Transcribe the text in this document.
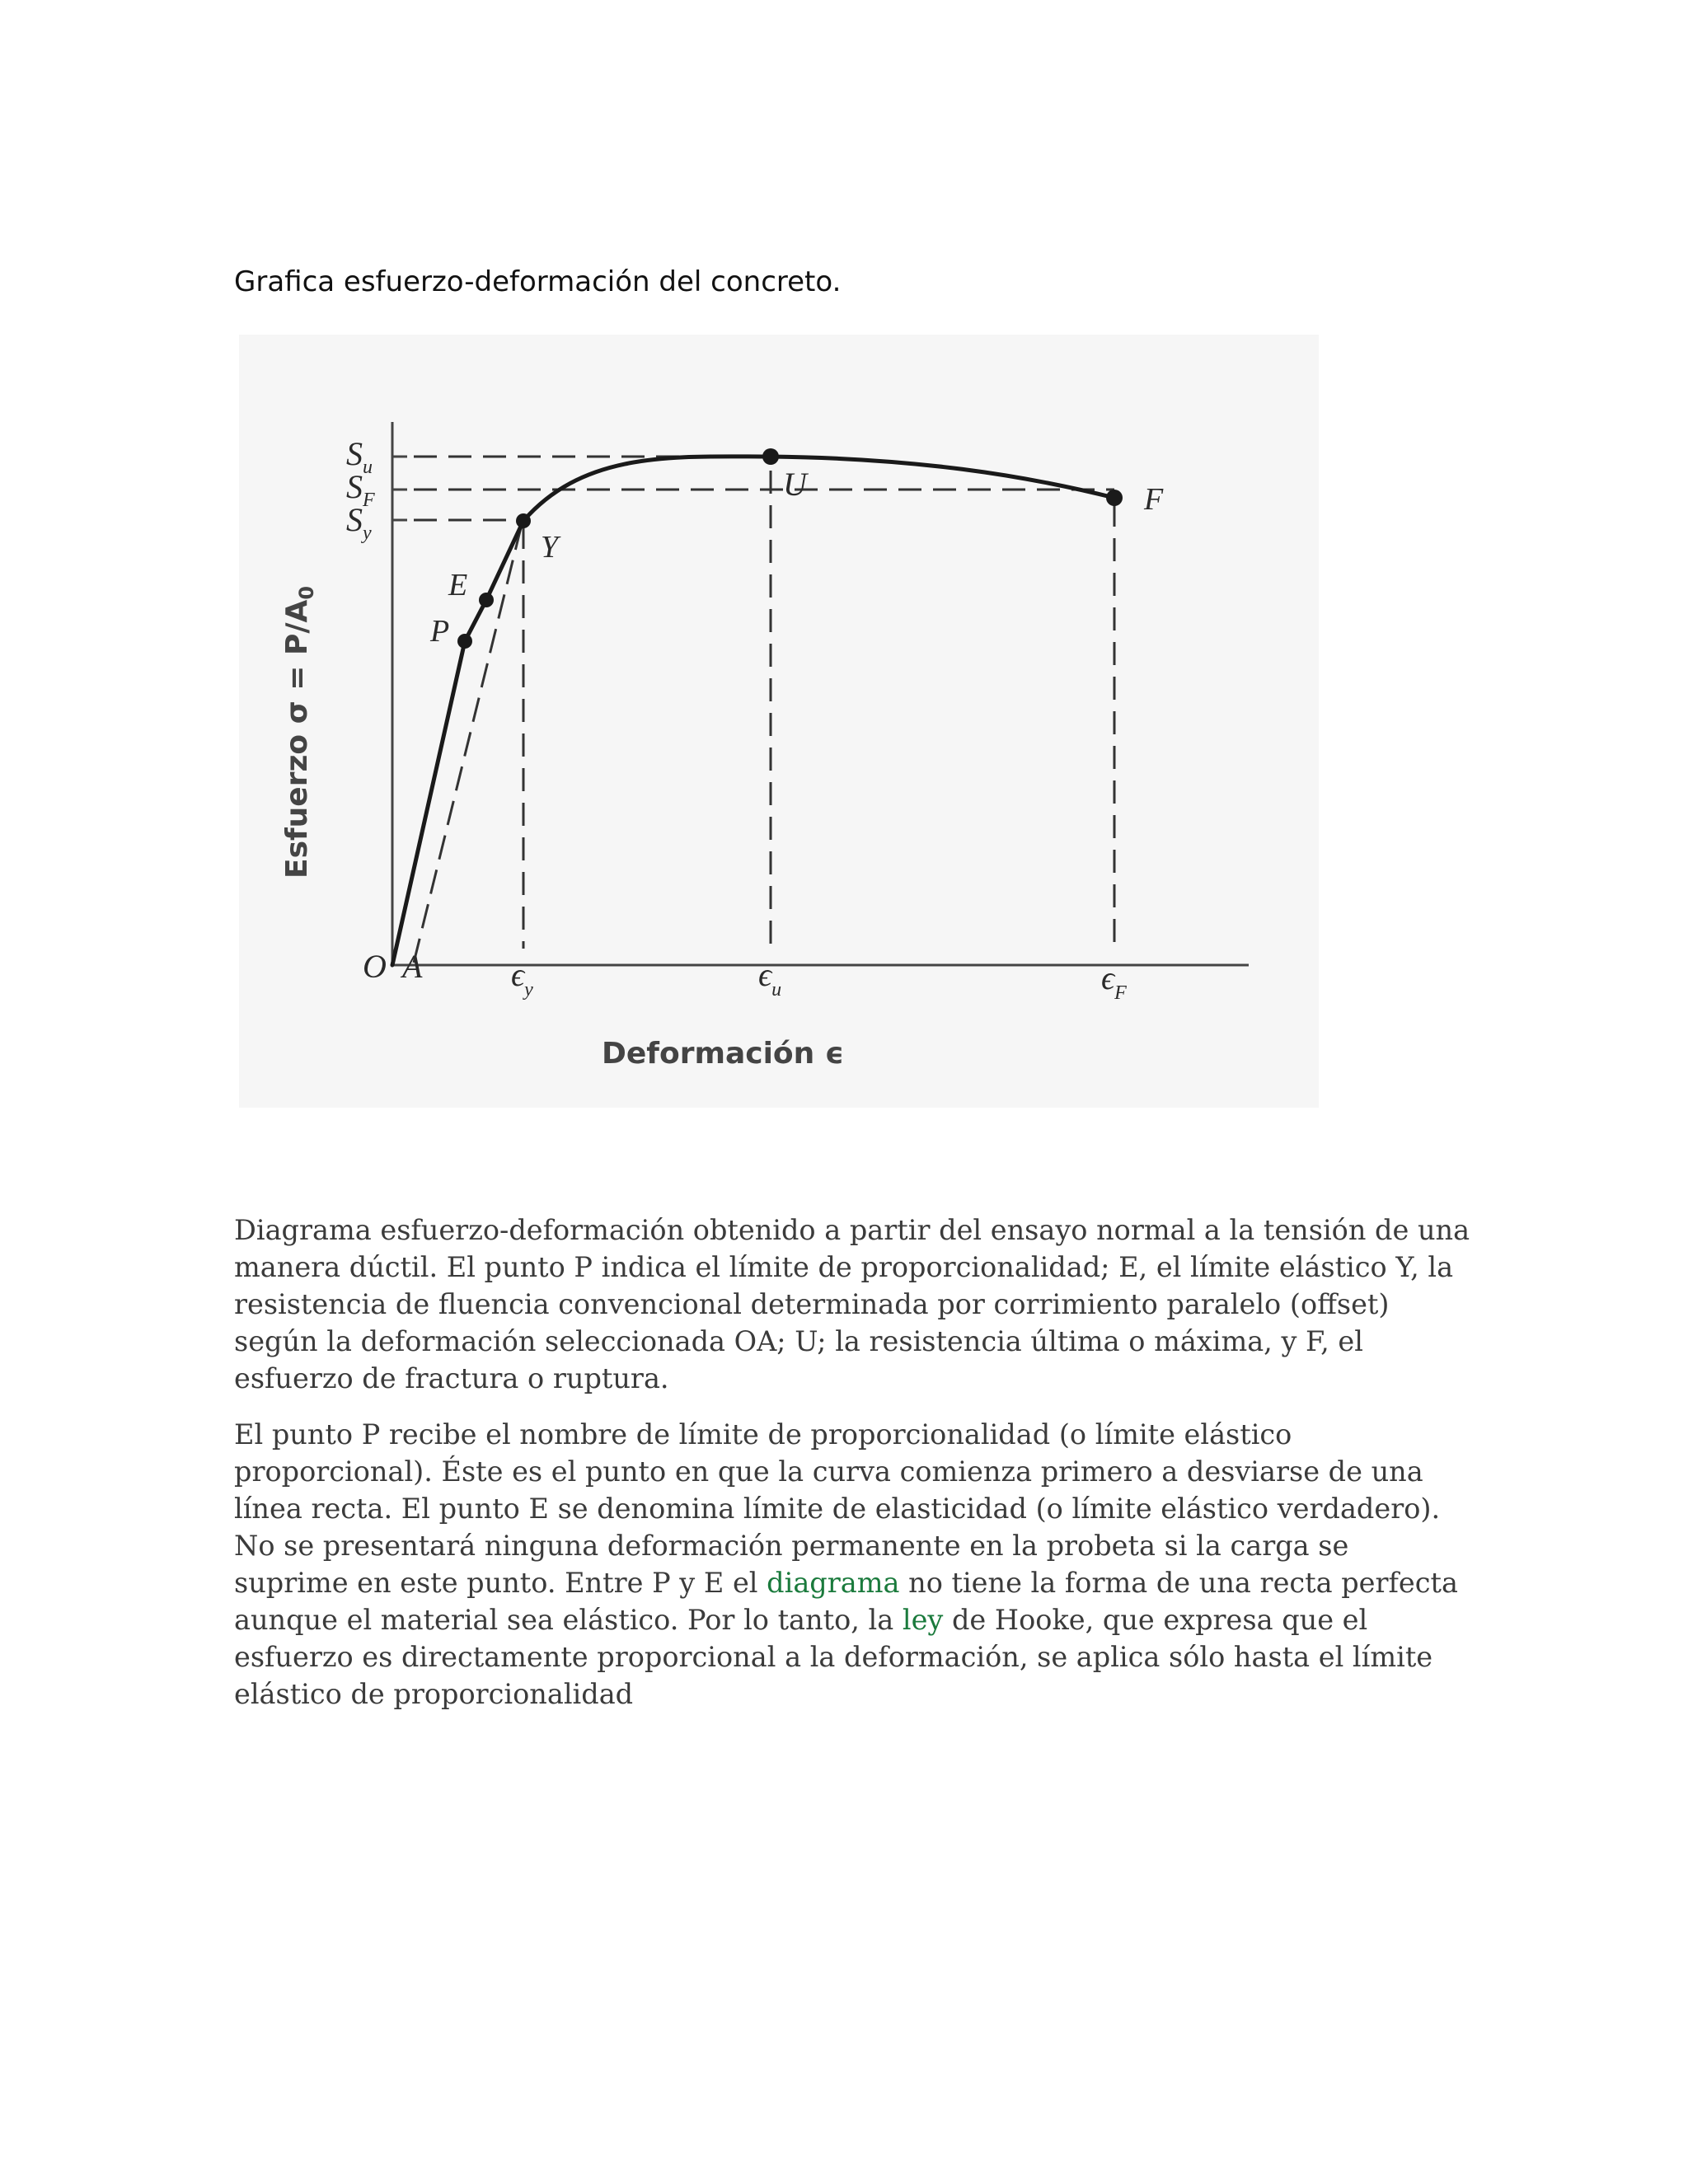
Grafica esfuerzo-deformación del concreto.
P
E
Y
U	F
$S_u$
$S_F$
$S_y$
O A	$\epsilon_y$	$\epsilon_u$	$\epsilon_F$
Deformación ϵ
Esfuerzo $\sigma = P/A_0$

Diagrama esfuerzo-deformación obtenido a partir del ensayo normal a la tensión de una manera dúctil. El punto P indica el límite de proporcionalidad; E, el límite elástico Y, la resistencia de fluencia convencional determinada por corrimiento paralelo (offset) según la deformación seleccionada OA; U; la resistencia última o máxima, y F, el esfuerzo de fractura o ruptura.

El punto P recibe el nombre de límite de proporcionalidad (o límite elástico proporcional). Éste es el punto en que la curva comienza primero a desviarse de una línea recta. El punto E se denomina límite de elasticidad (o límite elástico verdadero). No se presentará ninguna deformación permanente en la probeta si la carga se suprime en este punto. Entre P y E el diagrama no tiene la forma de una recta perfecta aunque el material sea elástico. Por lo tanto, la ley de Hooke, que expresa que el esfuerzo es directamente proporcional a la deformación, se aplica sólo hasta el límite elástico de proporcionalidad
